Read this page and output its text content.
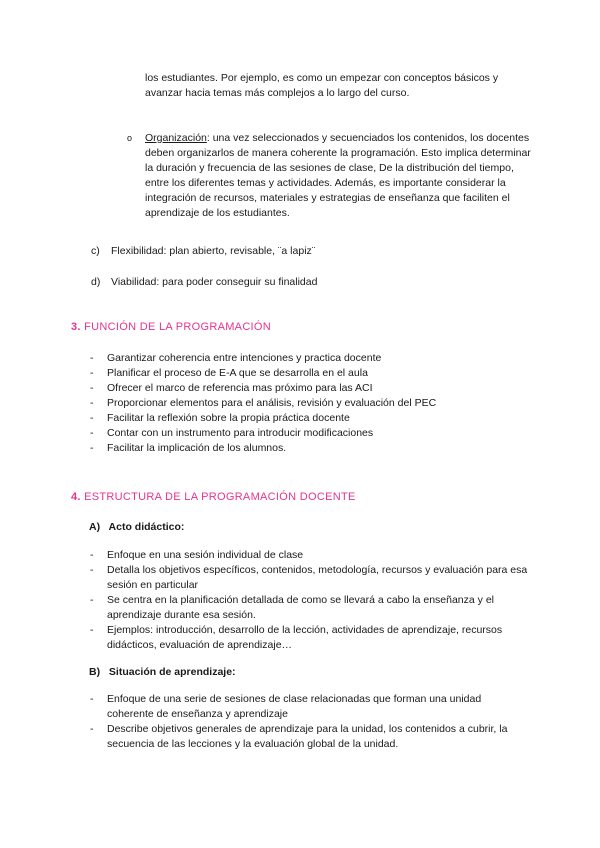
los estudiantes. Por ejemplo, es como un empezar con conceptos básicos y avanzar hacia temas más complejos a lo largo del curso.

o Organización: una vez seleccionados y secuenciados los contenidos, los docentes deben organizarlos de manera coherente la programación. Esto implica determinar la duración y frecuencia de las sesiones de clase, De la distribución del tiempo, entre los diferentes temas y actividades. Además, es importante considerar la integración de recursos, materiales y estrategias de enseñanza que faciliten el aprendizaje de los estudiantes.

c) Flexibilidad: plan abierto, revisable, ¨a lapiz¨
d) Viabilidad: para poder conseguir su finalidad
3. FUNCIÓN DE LA PROGRAMACIÓN
- Garantizar coherencia entre intenciones y practica docente
- Planificar el proceso de E-A que se desarrolla en el aula
- Ofrecer el marco de referencia mas próximo para las ACI
- Proporcionar elementos para el análisis, revisión y evaluación del PEC
- Facilitar la reflexión sobre la propia práctica docente
- Contar con un instrumento para introducir modificaciones
- Facilitar la implicación de los alumnos.
4. ESTRUCTURA DE LA PROGRAMACIÓN DOCENTE
A) Acto didáctico:
- Enfoque en una sesión individual de clase
- Detalla los objetivos específicos, contenidos, metodología, recursos y evaluación para esa sesión en particular
- Se centra en la planificación detallada de como se llevará a cabo la enseñanza y el aprendizaje durante esa sesión.
- Ejemplos: introducción, desarrollo de la lección, actividades de aprendizaje, recursos didácticos, evaluación de aprendizaje…
B) Situación de aprendizaje:
- Enfoque de una serie de sesiones de clase relacionadas que forman una unidad coherente de enseñanza y aprendizaje
- Describe objetivos generales de aprendizaje para la unidad, los contenidos a cubrir, la secuencia de las lecciones y la evaluación global de la unidad.
